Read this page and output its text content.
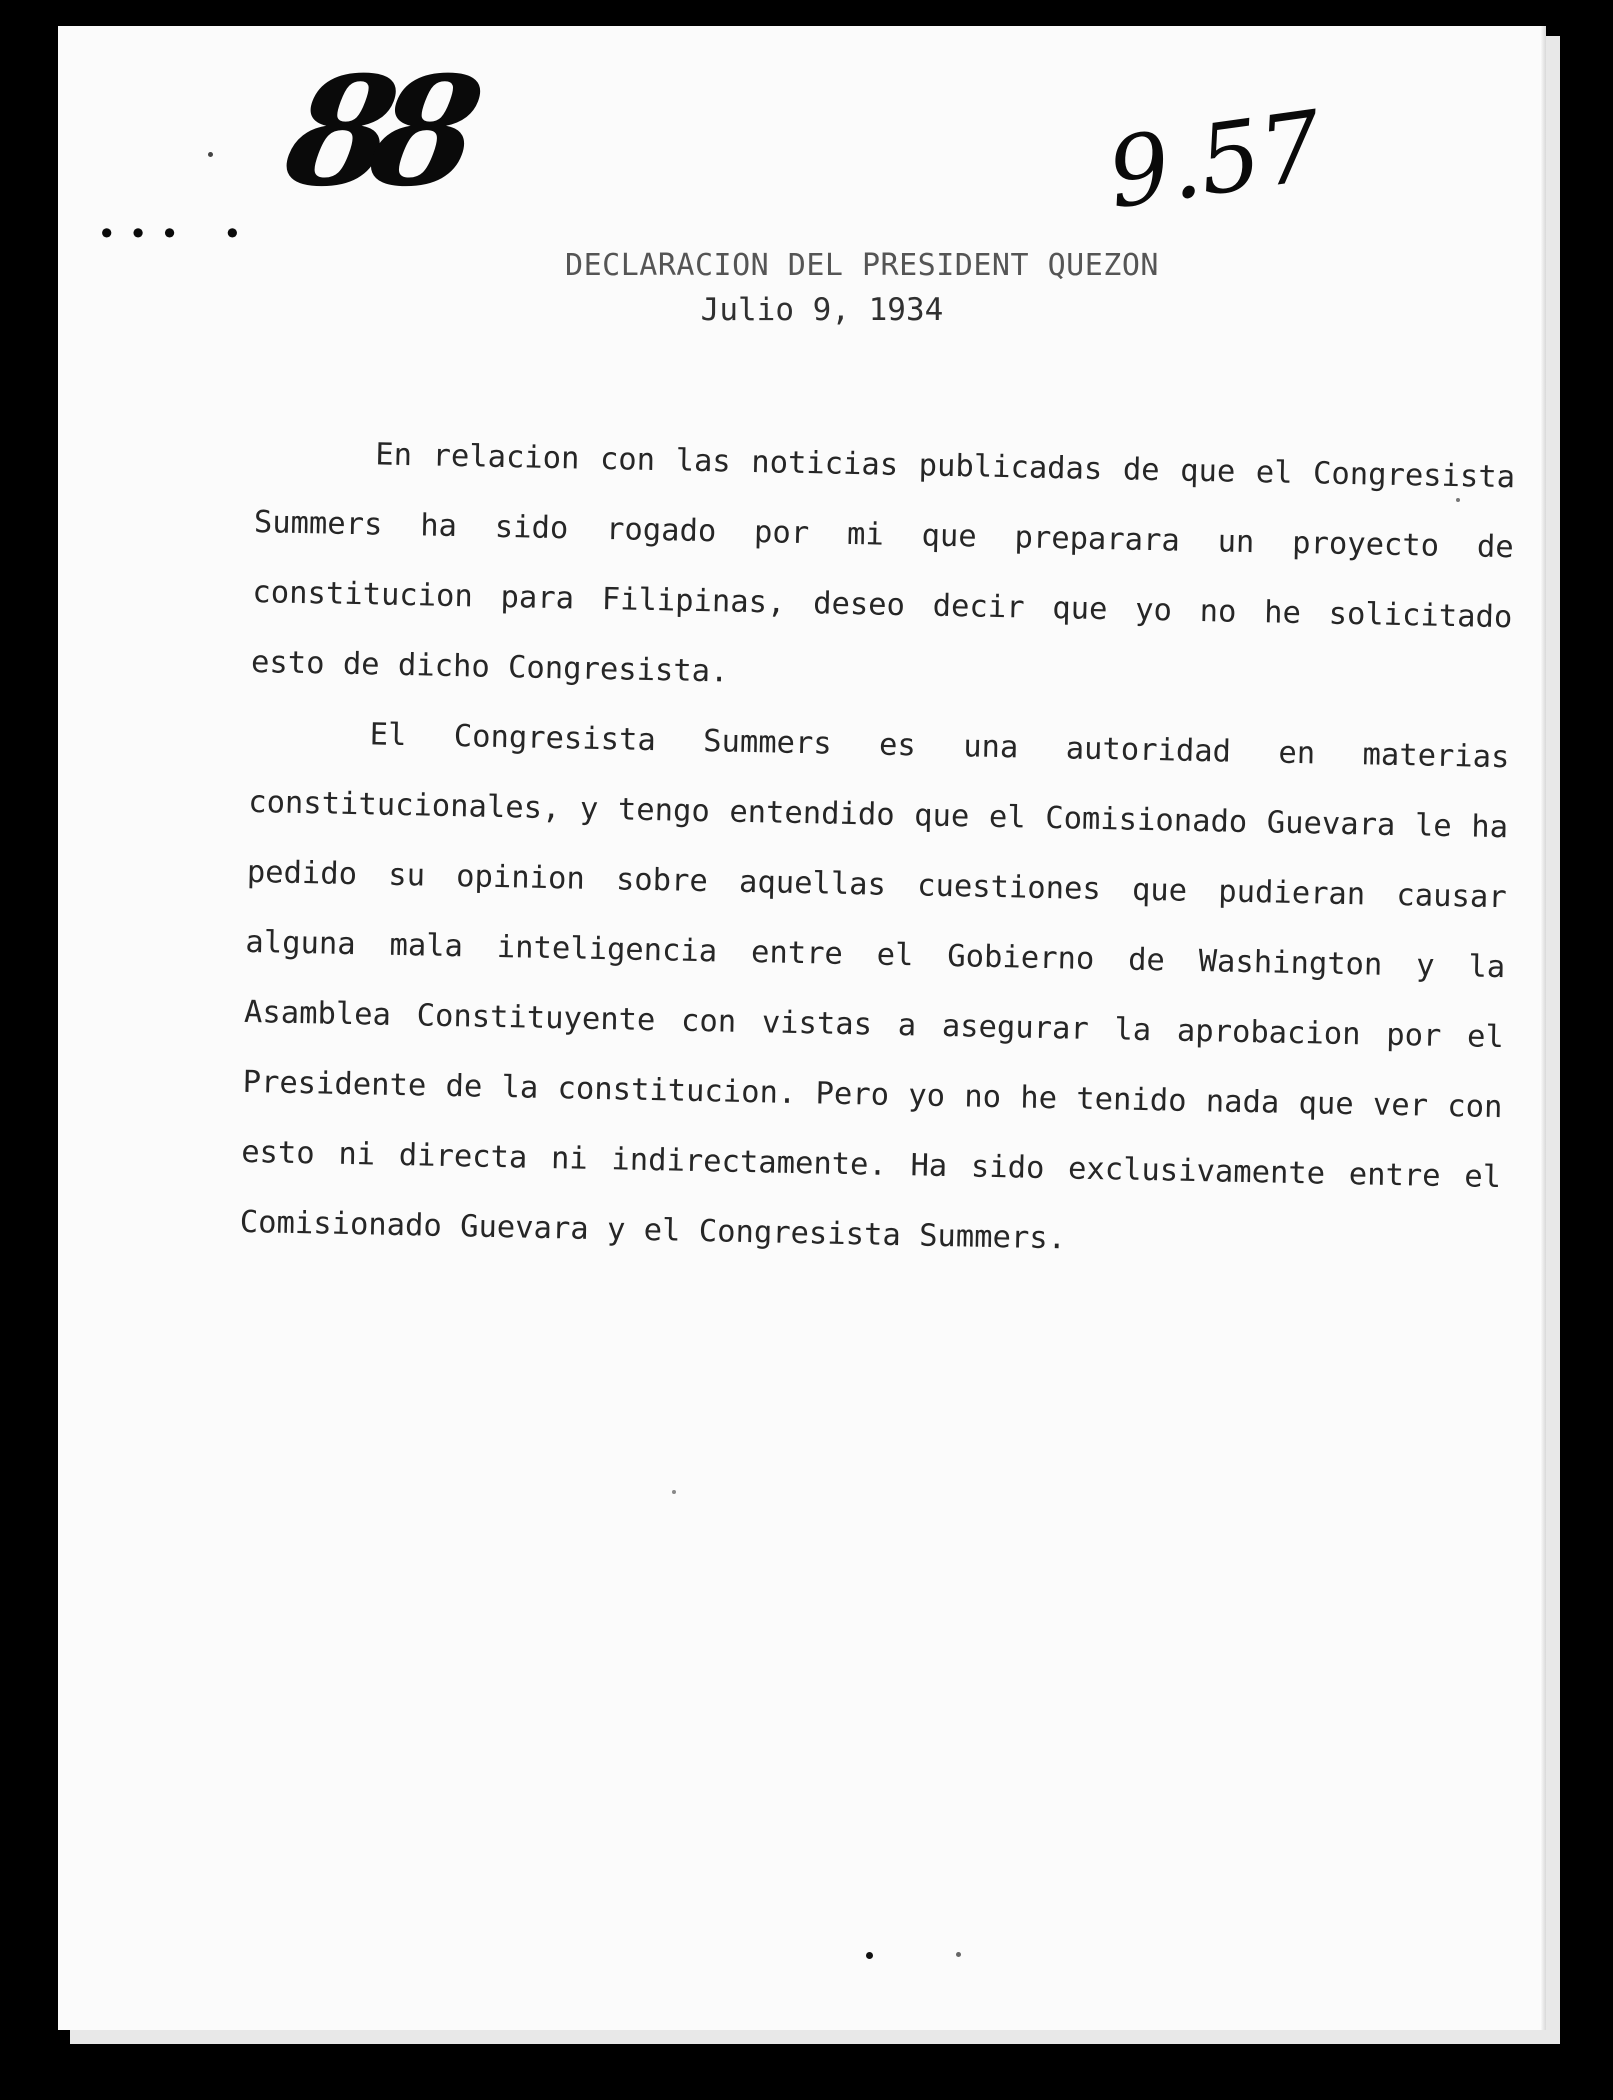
88	9.57
... .
DECLARACION DEL PRESIDENT QUEZON
Julio 9, 1934

En relacion con las noticias publicadas de que el Congresista Summers ha sido rogado por mi que preparara un proyecto de constitucion para Filipinas, deseo decir que yo no he solicitado esto de dicho Congresista.

El Congresista Summers es una autoridad en materias constitucionales, y tengo entendido que el Comisionado Guevara le ha pedido su opinion sobre aquellas cuestiones que pudieran causar alguna mala inteligencia entre el Gobierno de Washington y la Asamblea Constituyente con vistas a asegurar la aprobacion por el Presidente de la constitucion. Pero yo no he tenido nada que ver con esto ni directa ni indirectamente. Ha sido exclusivamente entre el Comisionado Guevara y el Congresista Summers.
